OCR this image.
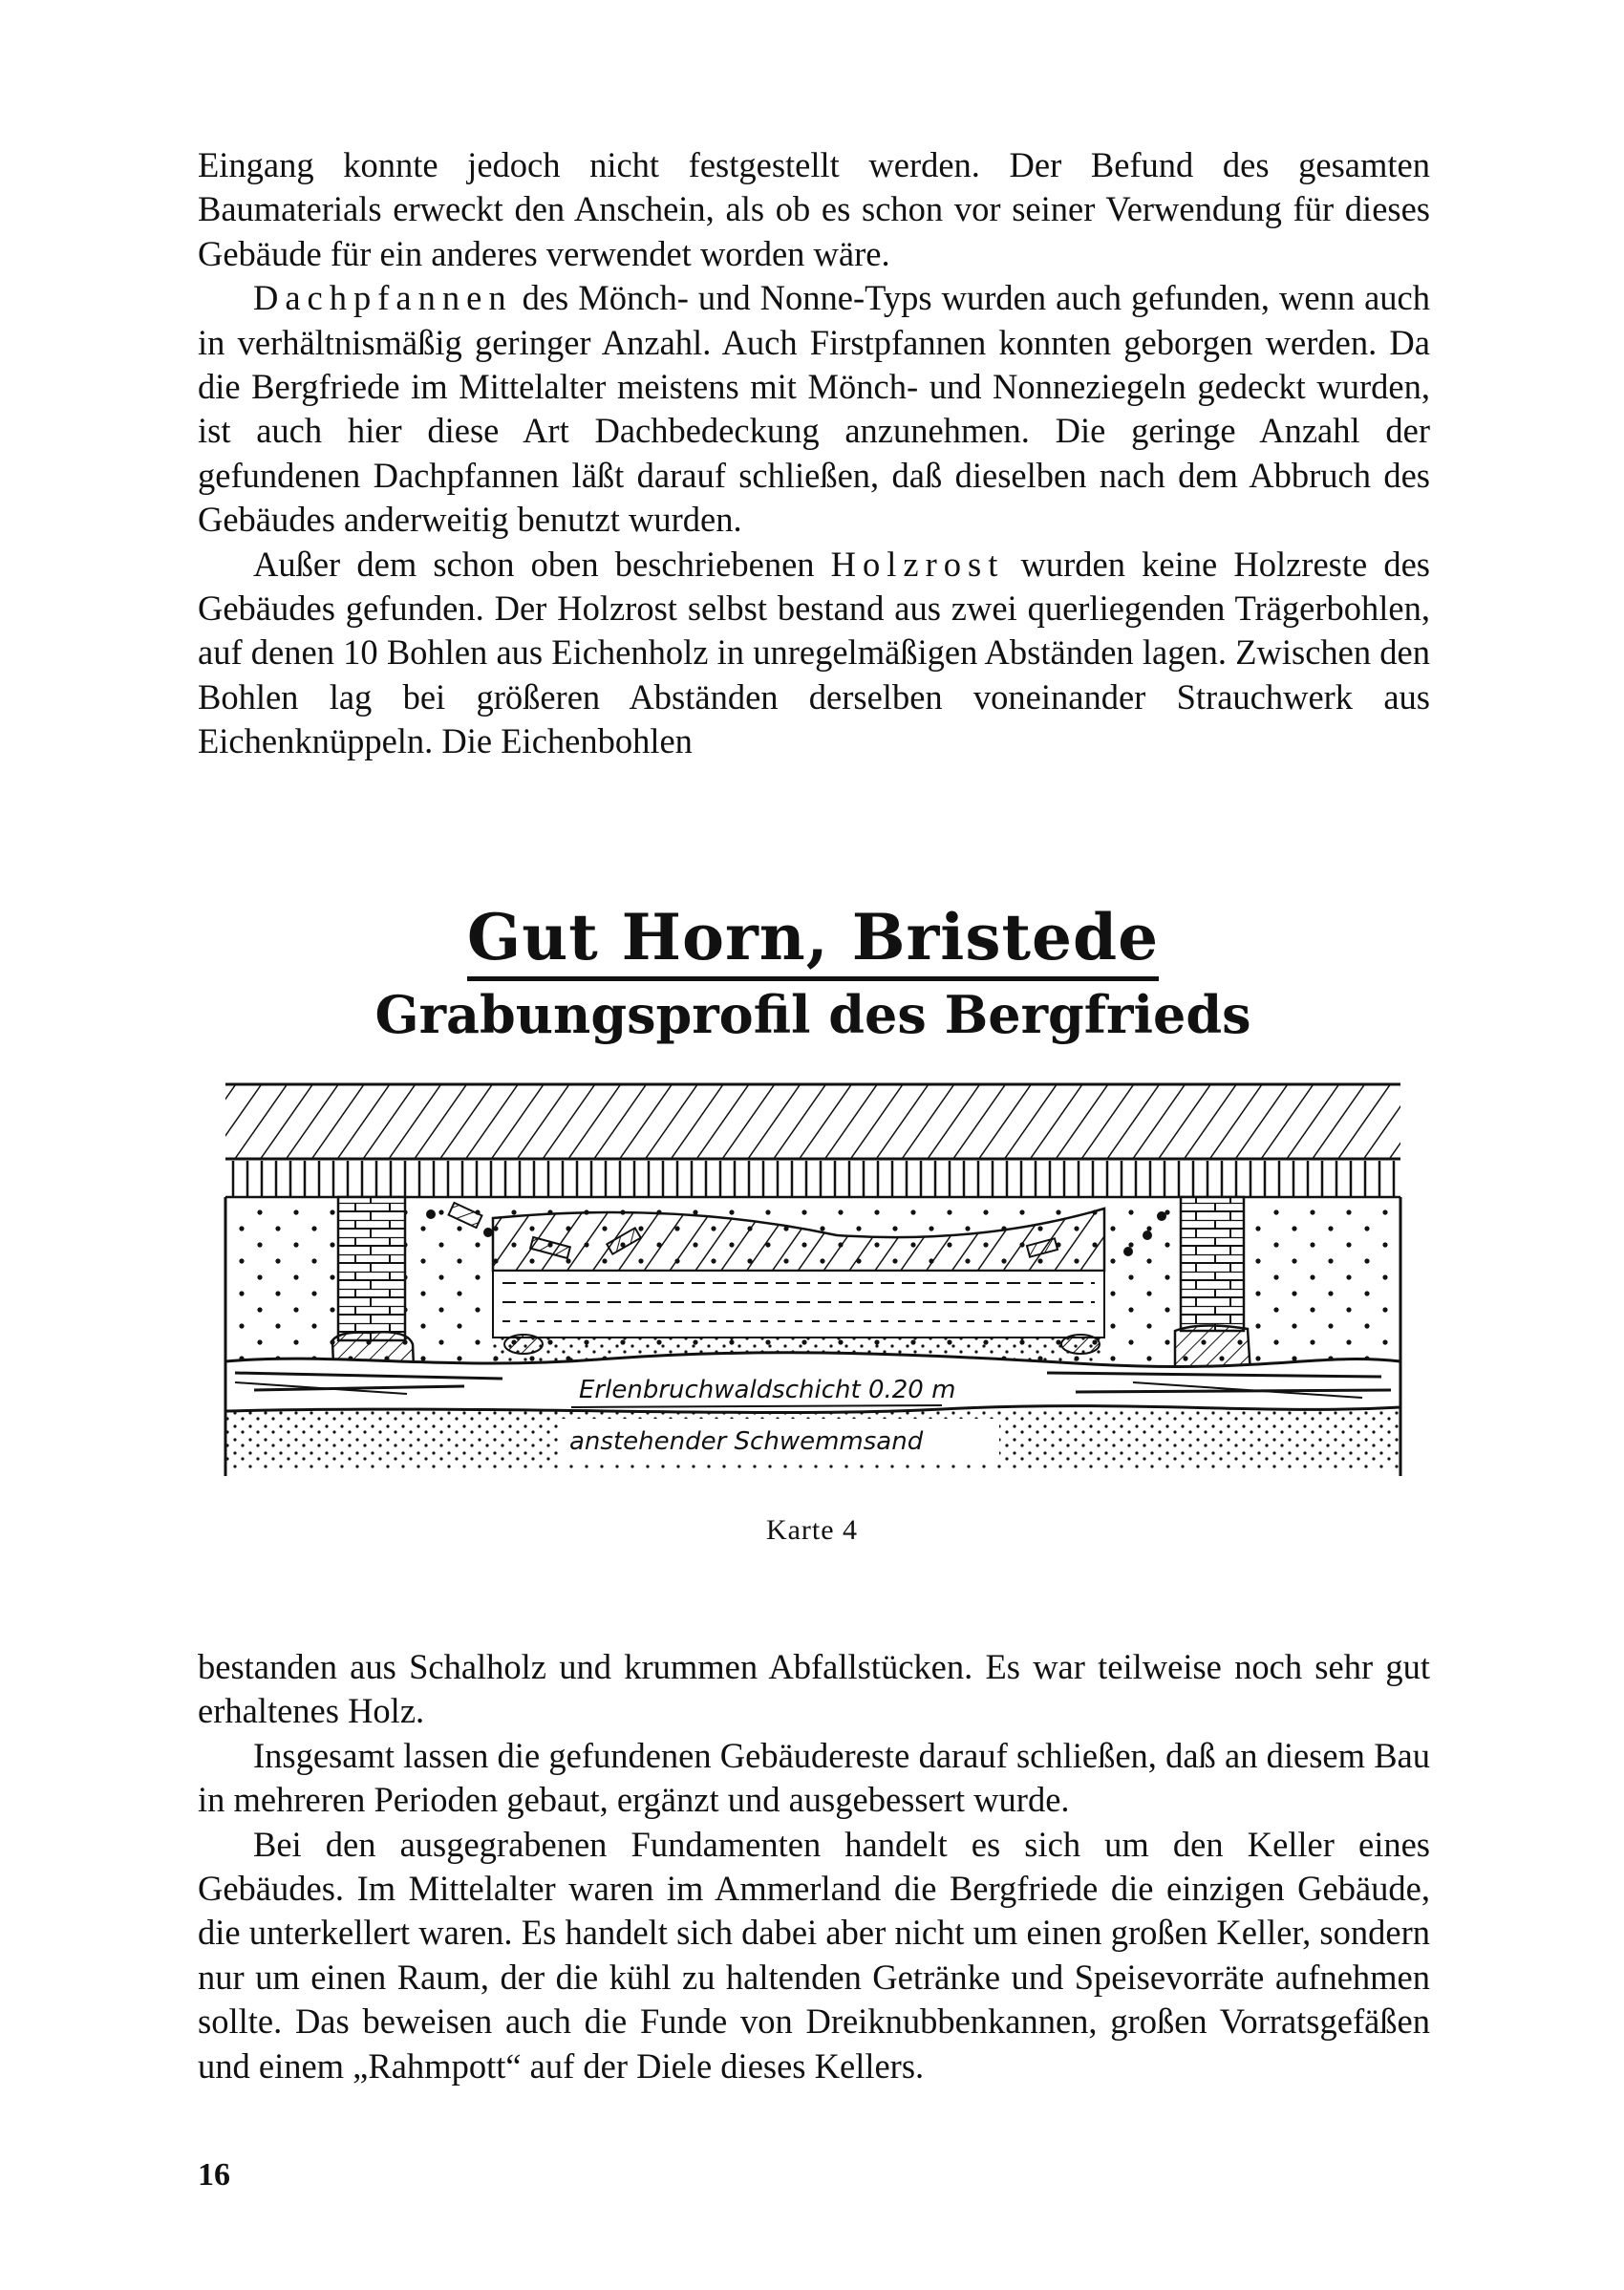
Eingang konnte jedoch nicht festgestellt werden. Der Befund des gesamten Baumaterials erweckt den Anschein, als ob es schon vor seiner Verwendung für dieses Gebäude für ein anderes verwendet worden wäre.

Dachpfannen des Mönch- und Nonne-Typs wurden auch gefunden, wenn auch in verhältnismäßig geringer Anzahl. Auch Firstpfannen konnten geborgen werden. Da die Bergfriede im Mittelalter meistens mit Mönch- und Nonneziegeln gedeckt wurden, ist auch hier diese Art Dachbedeckung anzunehmen. Die geringe Anzahl der gefundenen Dachpfannen läßt darauf schließen, daß dieselben nach dem Abbruch des Gebäudes anderweitig benutzt wurden.

Außer dem schon oben beschriebenen Holzrost wurden keine Holzreste des Gebäudes gefunden. Der Holzrost selbst bestand aus zwei querliegenden Trägerbohlen, auf denen 10 Bohlen aus Eichenholz in unregelmäßigen Abständen lagen. Zwischen den Bohlen lag bei größeren Abständen derselben voneinander Strauchwerk aus Eichenknüppeln. Die Eichenbohlen

Gut Horn, Bristede
Grabungsprofil des Bergfrieds
Erlenbruchwaldschicht 0.20 m
anstehender Schwemmsand
Karte 4

bestanden aus Schalholz und krummen Abfallstücken. Es war teilweise noch sehr gut erhaltenes Holz.

Insgesamt lassen die gefundenen Gebäudereste darauf schließen, daß an diesem Bau in mehreren Perioden gebaut, ergänzt und ausgebessert wurde.

Bei den ausgegrabenen Fundamenten handelt es sich um den Keller eines Gebäudes. Im Mittelalter waren im Ammerland die Bergfriede die einzigen Gebäude, die unterkellert waren. Es handelt sich dabei aber nicht um einen großen Keller, sondern nur um einen Raum, der die kühl zu haltenden Getränke und Speisevorräte aufnehmen sollte. Das beweisen auch die Funde von Dreiknubbenkannen, großen Vorratsgefäßen und einem „Rahmpott“ auf der Diele dieses Kellers.

16
